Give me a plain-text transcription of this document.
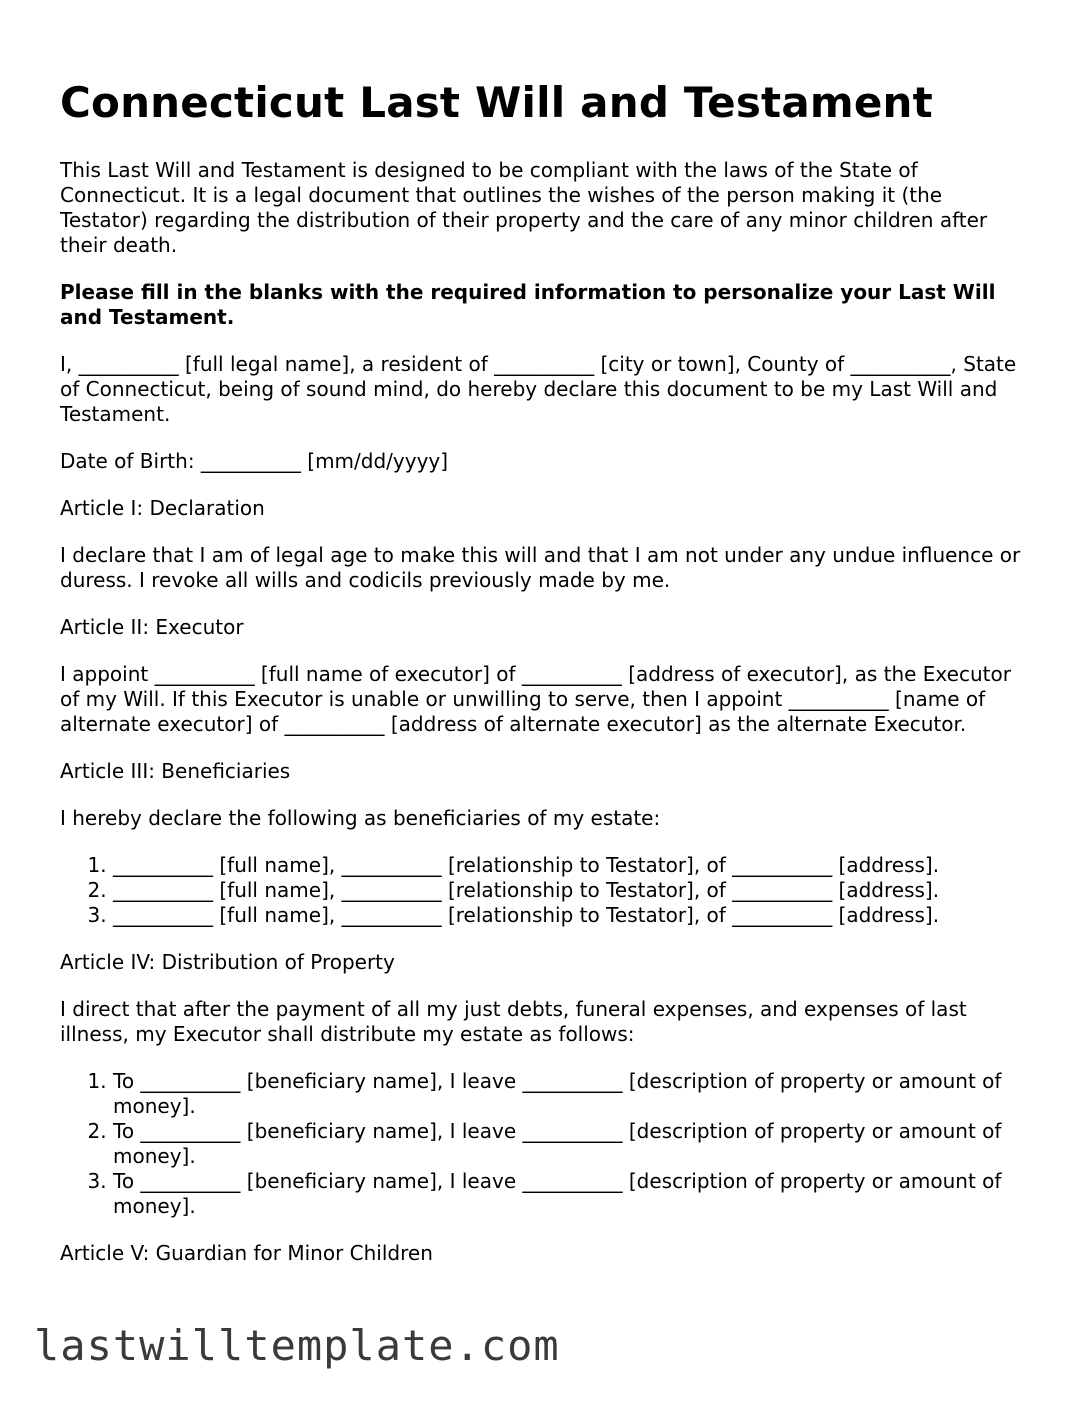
Connecticut Last Will and Testament

This Last Will and Testament is designed to be compliant with the laws of the State of Connecticut. It is a legal document that outlines the wishes of the person making it (the Testator) regarding the distribution of their property and the care of any minor children after their death.

Please fill in the blanks with the required information to personalize your Last Will and Testament.

I, __________ [full legal name], a resident of __________ [city or town], County of __________, State of Connecticut, being of sound mind, do hereby declare this document to be my Last Will and Testament.

Date of Birth: __________ [mm/dd/yyyy]

Article I: Declaration

I declare that I am of legal age to make this will and that I am not under any undue influence or duress. I revoke all wills and codicils previously made by me.

Article II: Executor

I appoint __________ [full name of executor] of __________ [address of executor], as the Executor of my Will. If this Executor is unable or unwilling to serve, then I appoint __________ [name of alternate executor] of __________ [address of alternate executor] as the alternate Executor.

Article III: Beneficiaries

I hereby declare the following as beneficiaries of my estate:

1. __________ [full name], __________ [relationship to Testator], of __________ [address].
2. __________ [full name], __________ [relationship to Testator], of __________ [address].
3. __________ [full name], __________ [relationship to Testator], of __________ [address].

Article IV: Distribution of Property

I direct that after the payment of all my just debts, funeral expenses, and expenses of last illness, my Executor shall distribute my estate as follows:

1. To __________ [beneficiary name], I leave __________ [description of property or amount of money].
2. To __________ [beneficiary name], I leave __________ [description of property or amount of money].
3. To __________ [beneficiary name], I leave __________ [description of property or amount of money].

Article V: Guardian for Minor Children

lastwilltemplate.com
